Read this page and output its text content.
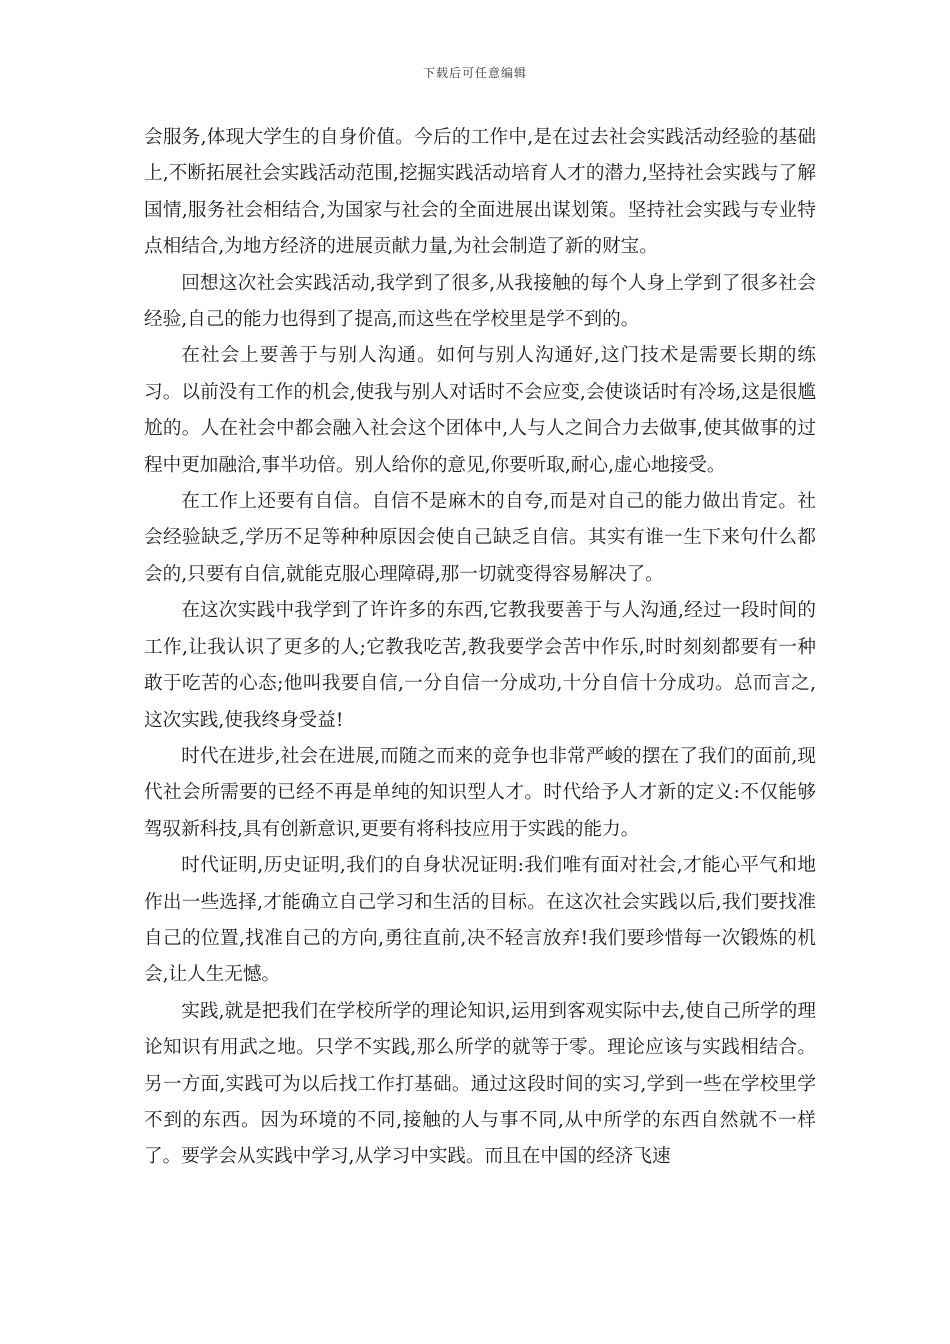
下载后可任意编辑

会服务,体现大学生的自身价值。今后的工作中,是在过去社会实践活动经验的基础上,不断拓展社会实践活动范围,挖掘实践活动培育人才的潜力,坚持社会实践与了解国情,服务社会相结合,为国家与社会的全面进展出谋划策。坚持社会实践与专业特点相结合,为地方经济的进展贡献力量,为社会制造了新的财宝。

回想这次社会实践活动,我学到了很多,从我接触的每个人身上学到了很多社会经验,自己的能力也得到了提高,而这些在学校里是学不到的。

在社会上要善于与别人沟通。如何与别人沟通好,这门技术是需要长期的练习。以前没有工作的机会,使我与别人对话时不会应变,会使谈话时有冷场,这是很尴尬的。人在社会中都会融入社会这个团体中,人与人之间合力去做事,使其做事的过程中更加融洽,事半功倍。别人给你的意见,你要听取,耐心,虚心地接受。

在工作上还要有自信。自信不是麻木的自夸,而是对自己的能力做出肯定。社会经验缺乏,学历不足等种种原因会使自己缺乏自信。其实有谁一生下来句什么都会的,只要有自信,就能克服心理障碍,那一切就变得容易解决了。

在这次实践中我学到了许许多的东西,它教我要善于与人沟通,经过一段时间的工作,让我认识了更多的人;它教我吃苦,教我要学会苦中作乐,时时刻刻都要有一种敢于吃苦的心态;他叫我要自信,一分自信一分成功,十分自信十分成功。总而言之,这次实践,使我终身受益!

时代在进步,社会在进展,而随之而来的竞争也非常严峻的摆在了我们的面前,现代社会所需要的已经不再是单纯的知识型人才。时代给予人才新的定义:不仅能够驾驭新科技,具有创新意识,更要有将科技应用于实践的能力。

时代证明,历史证明,我们的自身状况证明:我们唯有面对社会,才能心平气和地作出一些选择,才能确立自己学习和生活的目标。在这次社会实践以后,我们要找准自己的位置,找准自己的方向,勇往直前,决不轻言放弃!我们要珍惜每一次锻炼的机会,让人生无憾。

实践,就是把我们在学校所学的理论知识,运用到客观实际中去,使自己所学的理论知识有用武之地。只学不实践,那么所学的就等于零。理论应该与实践相结合。另一方面,实践可为以后找工作打基础。通过这段时间的实习,学到一些在学校里学不到的东西。因为环境的不同,接触的人与事不同,从中所学的东西自然就不一样了。要学会从实践中学习,从学习中实践。而且在中国的经济飞速
